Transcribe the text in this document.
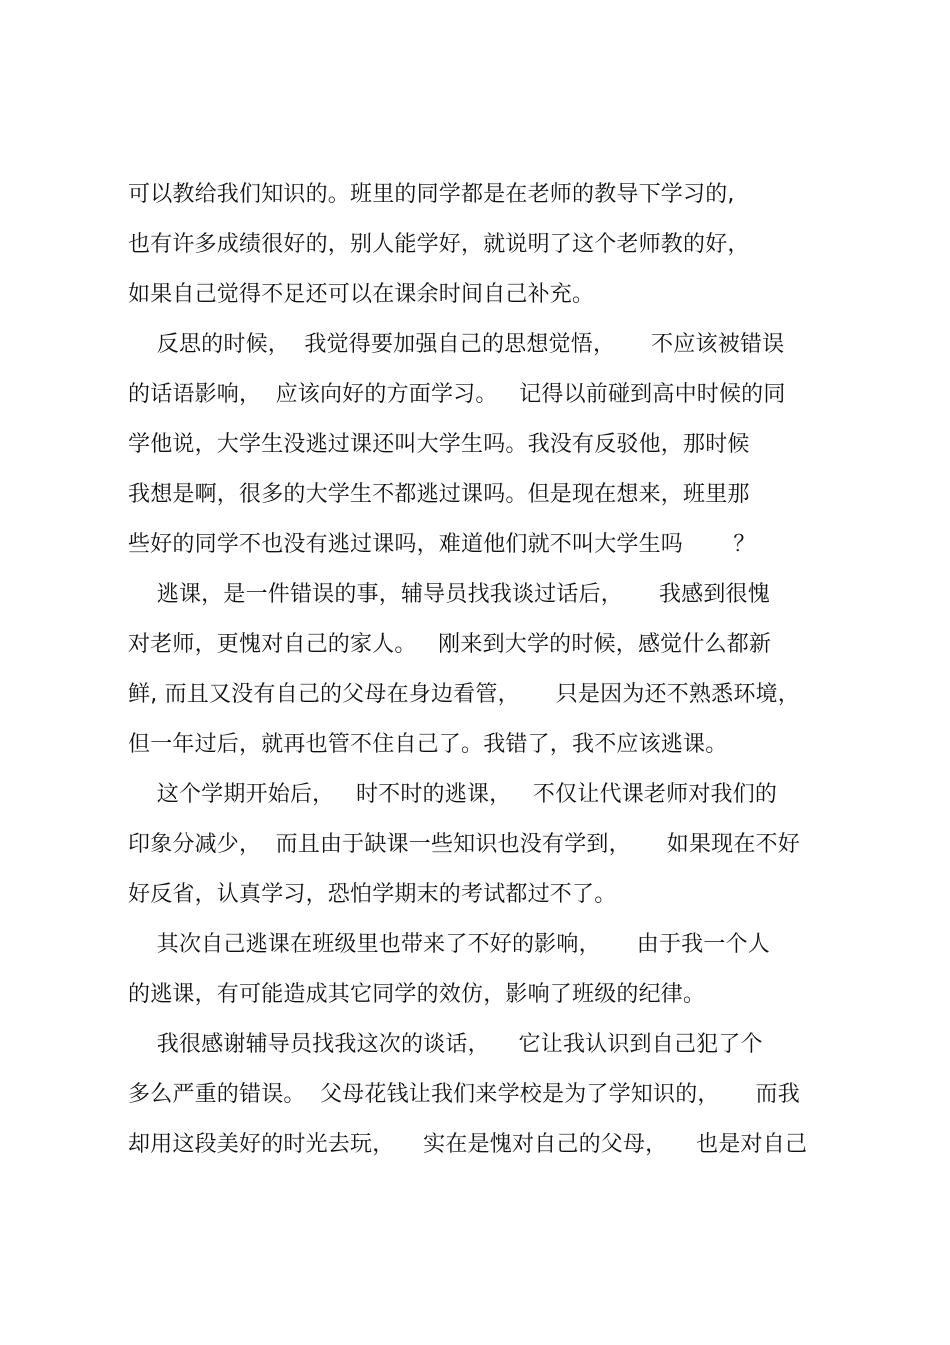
可以教给我们知识的。班里的同学都是在老师的教导下学习的,
也有许多成绩很好的，别人能学好，就说明了这个老师教的好，
如果自己觉得不足还可以在课余时间自己补充。
反思的时候，  我觉得要加强自己的思想觉悟，     不应该被错误
的话语影响，  应该向好的方面学习。   记得以前碰到高中时候的同
学他说，大学生没逃过课还叫大学生吗。我没有反驳他，那时候
我想是啊，很多的大学生不都逃过课吗。但是现在想来，班里那
些好的同学不也没有逃过课吗，难道他们就不叫大学生吗       ？
逃课，是一件错误的事，辅导员找我谈过话后，     我感到很愧
对老师，更愧对自己的家人。   刚来到大学的时候，感觉什么都新
鲜, 而且又没有自己的父母在身边看管，     只是因为还不熟悉环境，
但一年过后，就再也管不住自己了。我错了，我不应该逃课。
这个学期开始后，   时不时的逃课，   不仅让代课老师对我们的
印象分减少，  而且由于缺课一些知识也没有学到，     如果现在不好
好反省，认真学习，恐怕学期末的考试都过不了。
其次自己逃课在班级里也带来了不好的影响，     由于我一个人
的逃课，有可能造成其它同学的效仿，影响了班级的纪律。
我很感谢辅导员找我这次的谈话，    它让我认识到自己犯了个
多么严重的错误。  父母花钱让我们来学校是为了学知识的，     而我
却用这段美好的时光去玩，    实在是愧对自己的父母，    也是对自己
